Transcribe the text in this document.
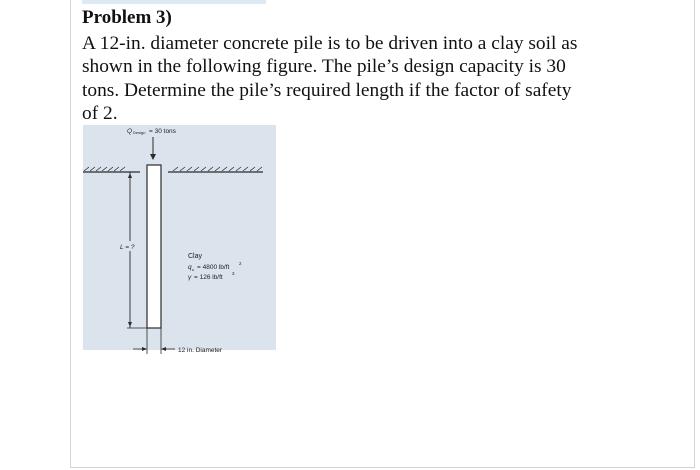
Problem 3)

A 12-in. diameter concrete pile is to be driven into a clay soil as
shown in the following figure. The pile’s design capacity is 30
tons. Determine the pile’s required length if the factor of safety
of 2.

Q Design = 30 tons
L = ?
Clay
q u = 4800 lb/ft
2
γ = 126 lb/ft
3
12 in. Diameter
